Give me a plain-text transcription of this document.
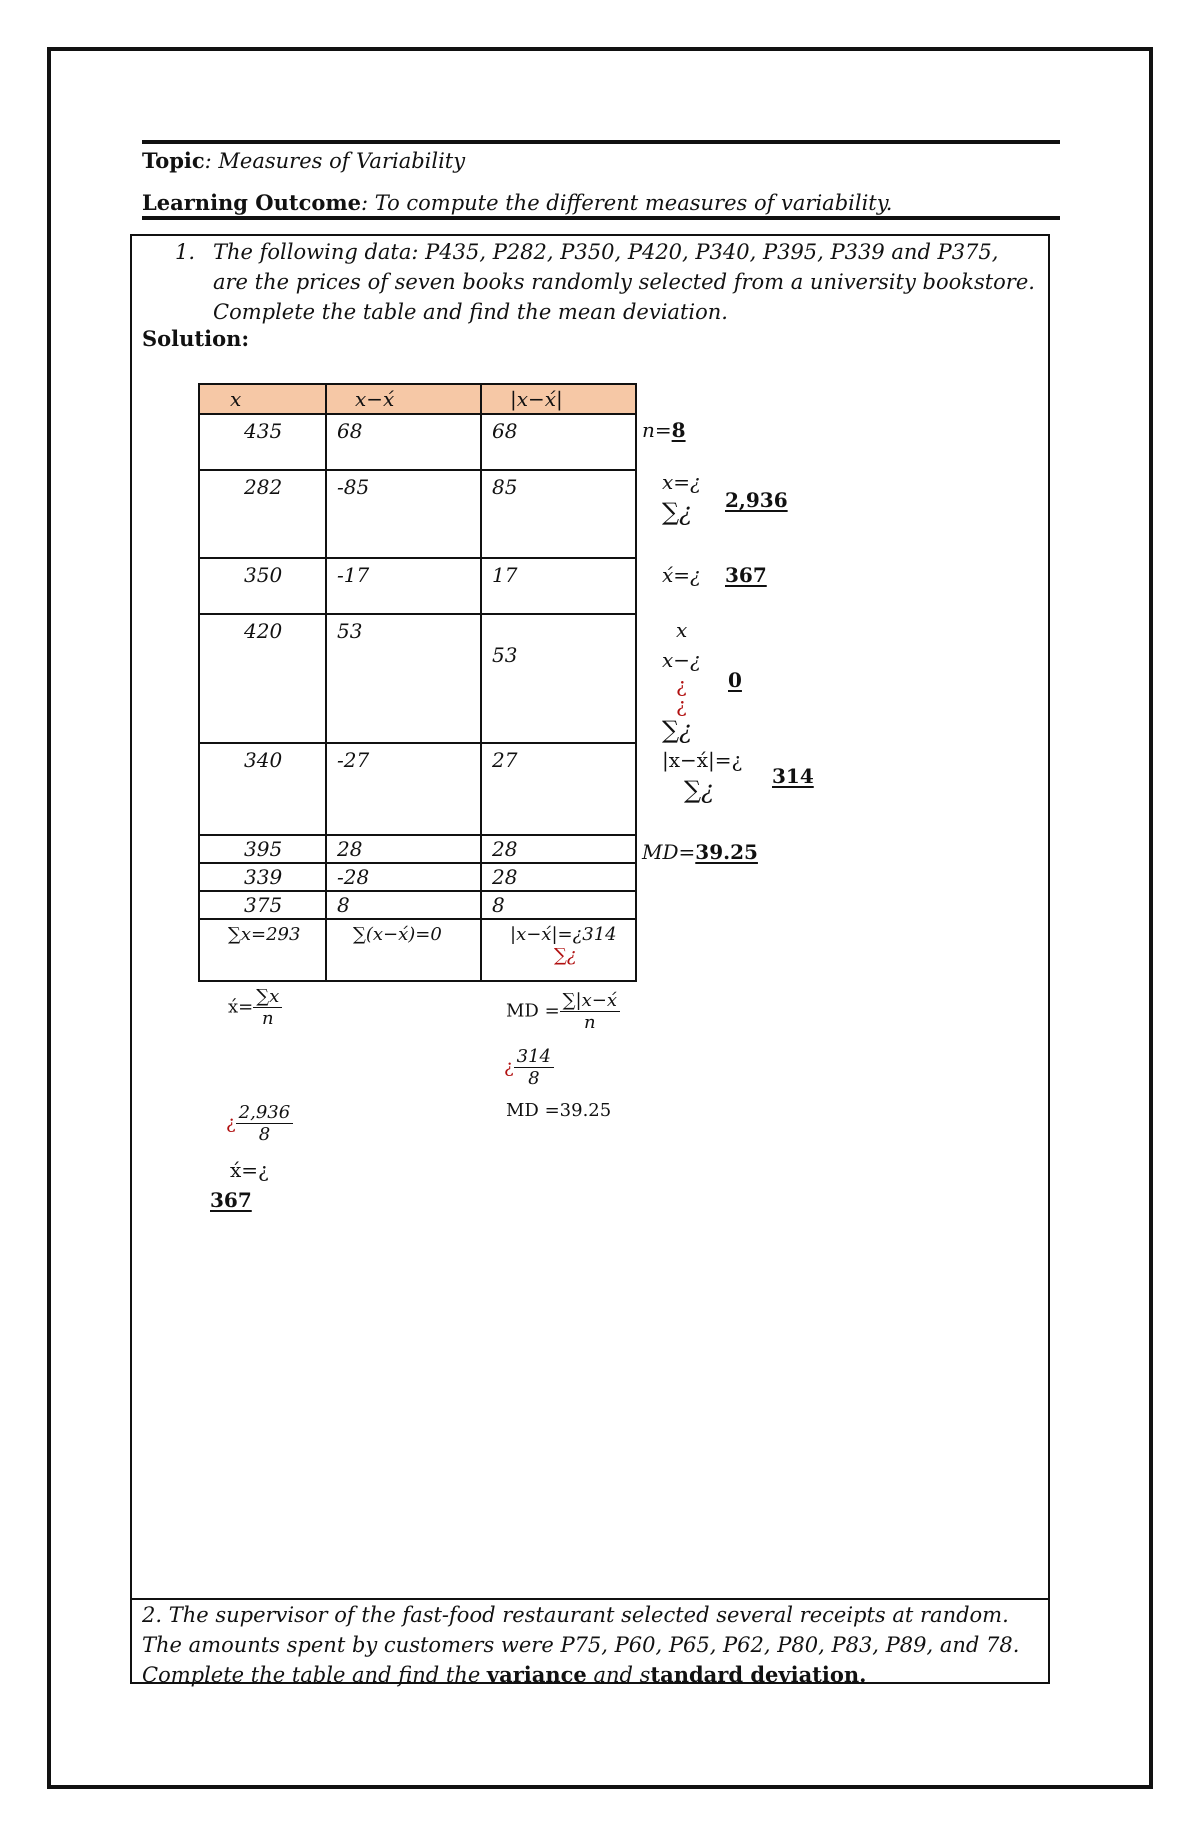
Topic: Measures of Variability
Learning Outcome: To compute the different measures of variability.
1. The following data: P435, P282, P350, P420, P340, P395, P339 and P375, are the prices of seven books randomly selected from a university bookstore. Complete the table and find the mean deviation.
Solution:
x	x−x́	|x−x́|

435	68	68

282	-85	85

350	-17	17

420	53	53

340	-27	27

395	28	28

339	-28	28

375	8	8

∑x=293	∑(x−x́)=0	|x−x́|=¿314
∑¿
n=8
x=¿
∑¿ 2,936
x́=¿ 367
x
x−¿
¿
¿
∑¿
0
|x−x́|=¿
∑¿	314
MD=39.25
x́= $\frac{\sum x}{n}$
¿ $\frac{2,936}{8}$
x́=¿
367
MD = $\frac{\sum|x-x́}{n}$
¿ $\frac{314}{8}$
MD =39.25
2. The supervisor of the fast-food restaurant selected several receipts at random. The amounts spent by customers were P75, P60, P65, P62, P80, P83, P89, and 78. Complete the table and find the variance and standard deviation.
